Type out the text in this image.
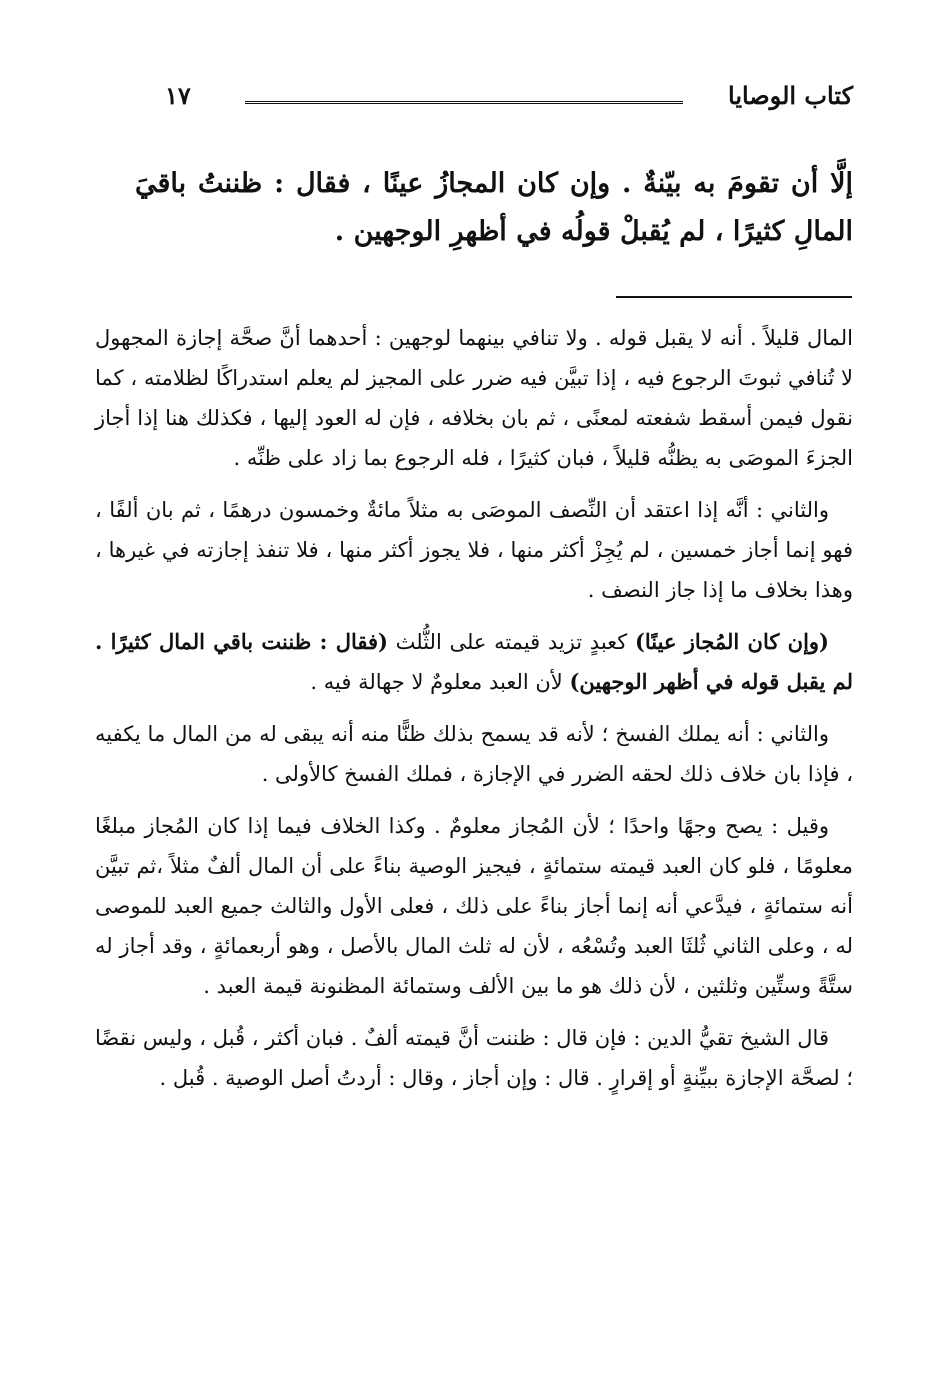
كتاب الوصايا
١٧

إلَّا أن تقومَ به بيّنةٌ . وإن كان المجازُ عينًا ، فقال : ظننتُ باقيَ المالِ كثيرًا ، لم يُقبلْ قولُه في أظهرِ الوجهين .

المال قليلاً . أنه لا يقبل قوله . ولا تنافي بينهما لوجهين : أحدهما أنَّ صحَّة إجازة المجهول لا تُنافي ثبوتَ الرجوع فيه ، إذا تبيَّن فيه ضرر على المجيز لم يعلم استدراكًا لظلامته ، كما نقول فيمن أسقط شفعته لمعنًى ، ثم بان بخلافه ، فإن له العود إليها ، فكذلك هنا إذا أجاز الجزءَ الموصَى به يظنُّه قليلاً ، فبان كثيرًا ، فله الرجوع بما زاد على ظنِّه .

والثاني : أنَّه إذا اعتقد أن النِّصف الموصَى به مثلاً مائةٌ وخمسون درهمًا ، ثم بان ألفًا ، فهو إنما أجاز خمسين ، لم يُجِزْ أكثر منها ، فلا يجوز أكثر منها ، فلا تنفذ إجازته في غيرها ، وهذا بخلاف ما إذا جاز النصف .

(وإن كان المُجاز عينًا) كعبدٍ تزيد قيمته على الثُّلث (فقال : ظننت باقي المال كثيرًا . لم يقبل قوله في أظهر الوجهين) لأن العبد معلومٌ لا جهالة فيه .

والثاني : أنه يملك الفسخ ؛ لأنه قد يسمح بذلك ظنًّا منه أنه يبقى له من المال ما يكفيه ، فإذا بان خلاف ذلك لحقه الضرر في الإجازة ، فملك الفسخ كالأولى .

وقيل : يصح وجهًا واحدًا ؛ لأن المُجاز معلومٌ . وكذا الخلاف فيما إذا كان المُجاز مبلغًا معلومًا ، فلو كان العبد قيمته ستمائةٍ ، فيجيز الوصية بناءً على أن المال ألفٌ مثلاً ،ثم تبيَّن أنه ستمائةٍ ، فيدَّعي أنه إنما أجاز بناءً على ذلك ، فعلى الأول والثالث جميع العبد للموصى له ، وعلى الثاني ثُلثَا العبد وتُسْعُه ، لأن له ثلث المال بالأصل ، وهو أربعمائةٍ ، وقد أجاز له ستَّةً وستِّين وثلثين ، لأن ذلك هو ما بين الألف وستمائة المظنونة قيمة العبد .

قال الشيخ تقيُّ الدين : فإن قال : ظننت أنَّ قيمته ألفٌ . فبان أكثر ، قُبل ، وليس نقضًا ؛ لصحَّة الإجازة ببيِّنةٍ أو إقرارٍ . قال : وإن أجاز ، وقال : أردتُ أصل الوصية . قُبل .
